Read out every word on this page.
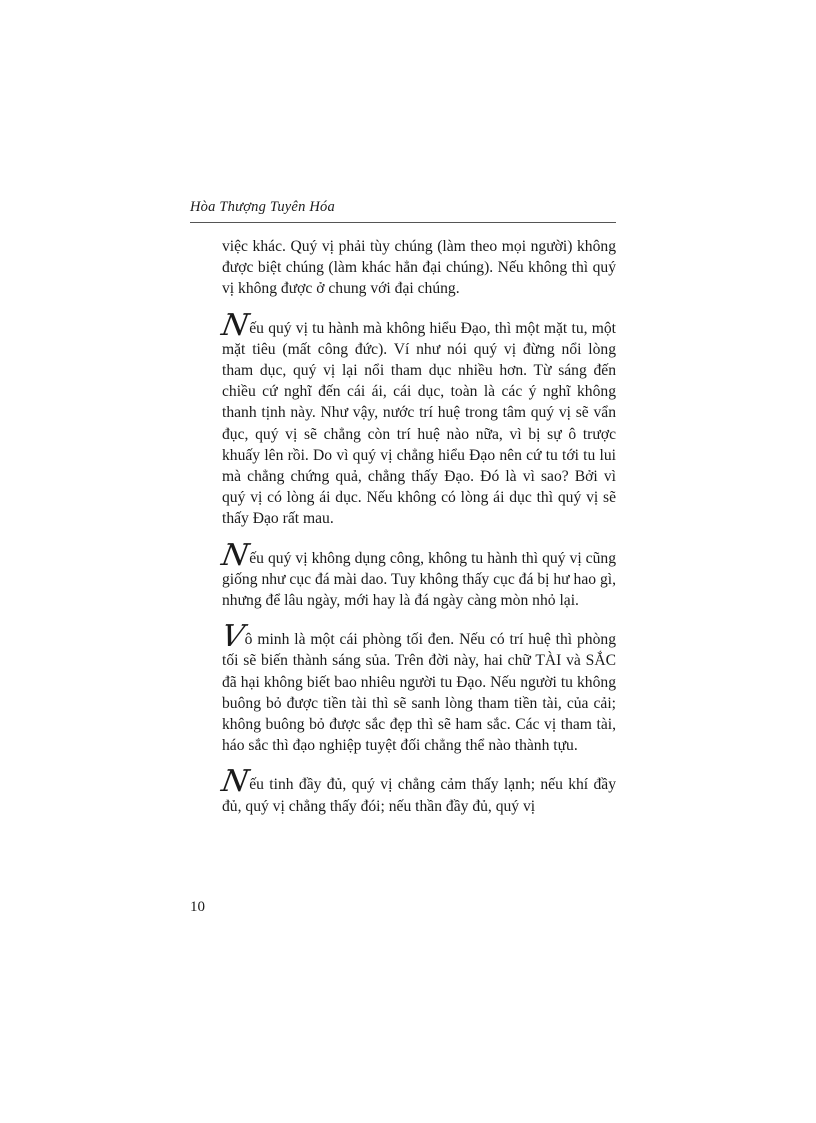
Hòa Thượng Tuyên Hóa

việc khác. Quý vị phải tùy chúng (làm theo mọi người) không được biệt chúng (làm khác hẳn đại chúng). Nếu không thì quý vị không được ở chung với đại chúng.

Nếu quý vị tu hành mà không hiểu Đạo, thì một mặt tu, một mặt tiêu (mất công đức). Ví như nói quý vị đừng nổi lòng tham dục, quý vị lại nổi tham dục nhiều hơn. Từ sáng đến chiều cứ nghĩ đến cái ái, cái dục, toàn là các ý nghĩ không thanh tịnh này. Như vậy, nước trí huệ trong tâm quý vị sẽ vẩn đục, quý vị sẽ chẳng còn trí huệ nào nữa, vì bị sự ô trược khuấy lên rồi. Do vì quý vị chẳng hiểu Đạo nên cứ tu tới tu lui mà chẳng chứng quả, chẳng thấy Đạo. Đó là vì sao? Bởi vì quý vị có lòng ái dục. Nếu không có lòng ái dục thì quý vị sẽ thấy Đạo rất mau.

Nếu quý vị không dụng công, không tu hành thì quý vị cũng giống như cục đá mài dao. Tuy không thấy cục đá bị hư hao gì, nhưng để lâu ngày, mới hay là đá ngày càng mòn nhỏ lại.

Vô minh là một cái phòng tối đen. Nếu có trí huệ thì phòng tối sẽ biến thành sáng sủa. Trên đời này, hai chữ TÀI và SẮC đã hại không biết bao nhiêu người tu Đạo. Nếu người tu không buông bỏ được tiền tài thì sẽ sanh lòng tham tiền tài, của cải; không buông bỏ được sắc đẹp thì sẽ ham sắc. Các vị tham tài, háo sắc thì đạo nghiệp tuyệt đối chẳng thể nào thành tựu.

Nếu tinh đầy đủ, quý vị chẳng cảm thấy lạnh; nếu khí đầy đủ, quý vị chẳng thấy đói; nếu thần đầy đủ, quý vị

10
